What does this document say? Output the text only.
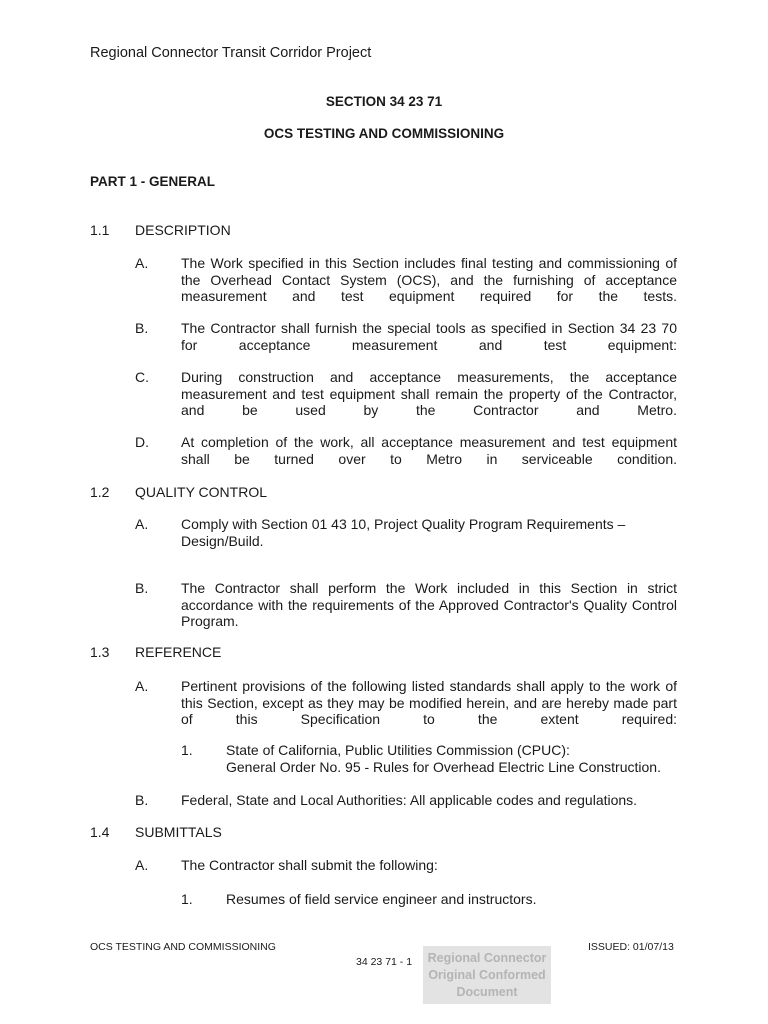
Regional Connector Transit Corridor Project
SECTION 34 23 71
OCS TESTING AND COMMISSIONING
PART 1 - GENERAL
1.1 DESCRIPTION
A. The Work specified in this Section includes final testing and commissioning of the Overhead Contact System (OCS), and the furnishing of acceptance measurement and test equipment required for the tests.
B. The Contractor shall furnish the special tools as specified in Section 34 23 70 for acceptance measurement and test equipment:
C. During construction and acceptance measurements, the acceptance measurement and test equipment shall remain the property of the Contractor, and be used by the Contractor and Metro.
D. At completion of the work, all acceptance measurement and test equipment shall be turned over to Metro in serviceable condition.
1.2 QUALITY CONTROL
A. Comply with Section 01 43 10, Project Quality Program Requirements –
Design/Build.
B. The Contractor shall perform the Work included in this Section in strict accordance with the requirements of the Approved Contractor's Quality Control Program.
1.3 REFERENCE
A. Pertinent provisions of the following listed standards shall apply to the work of this Section, except as they may be modified herein, and are hereby made part of this Specification to the extent required:
1. State of California, Public Utilities Commission (CPUC):
General Order No. 95 - Rules for Overhead Electric Line Construction.
B. Federal, State and Local Authorities: All applicable codes and regulations.
1.4 SUBMITTALS
A. The Contractor shall submit the following:
1. Resumes of field service engineer and instructors.
OCS TESTING AND COMMISSIONING
34 23 71 - 1
ISSUED: 01/07/13
Regional Connector
Original Conformed
Document
